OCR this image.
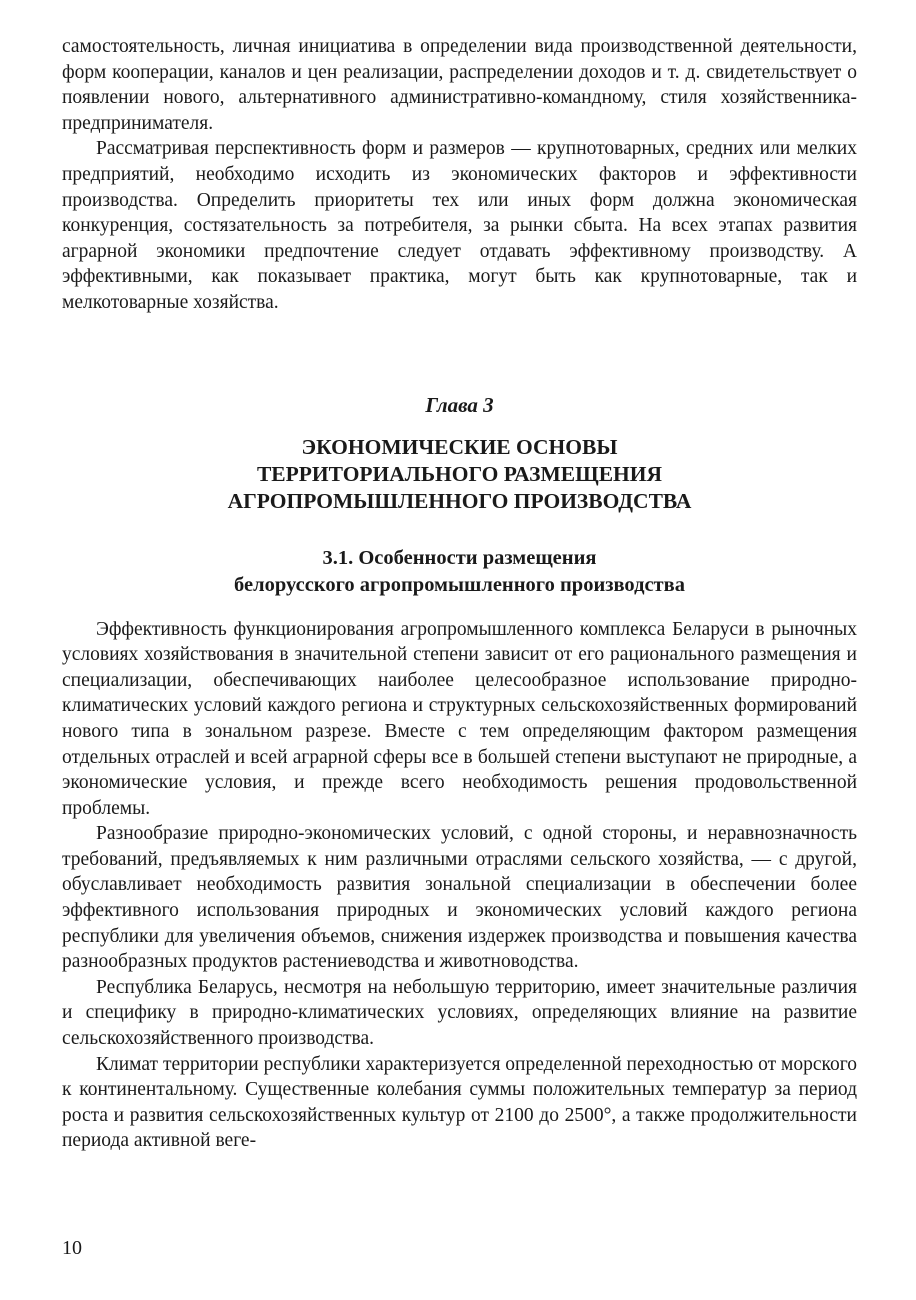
самостоятельность, личная инициатива в определении вида производственной деятельности, форм кооперации, каналов и цен реализации, распределении доходов и т. д. свидетельствует о появлении нового, альтернативного административно-командному, стиля хозяйственника-предпринимателя.

Рассматривая перспективность форм и размеров — крупнотоварных, средних или мелких предприятий, необходимо исходить из экономических факторов и эффективности производства. Определить приоритеты тех или иных форм должна экономическая конкуренция, состязательность за потребителя, за рынки сбыта. На всех этапах развития аграрной экономики предпочтение следует отдавать эффективному производству. А эффективными, как показывает практика, могут быть как крупнотоварные, так и мелкотоварные хозяйства.

Глава 3
ЭКОНОМИЧЕСКИЕ ОСНОВЫ
ТЕРРИТОРИАЛЬНОГО РАЗМЕЩЕНИЯ
АГРОПРОМЫШЛЕННОГО ПРОИЗВОДСТВА
3.1. Особенности размещения
белорусского агропромышленного производства

Эффективность функционирования агропромышленного комплекса Беларуси в рыночных условиях хозяйствования в значительной степени зависит от его рационального размещения и специализации, обеспечивающих наиболее целесообразное использование природно-климатических условий каждого региона и структурных сельскохозяйственных формирований нового типа в зональном разрезе. Вместе с тем определяющим фактором размещения отдельных отраслей и всей аграрной сферы все в большей степени выступают не природные, а экономические условия, и прежде всего необходимость решения продовольственной проблемы.

Разнообразие природно-экономических условий, с одной стороны, и неравнозначность требований, предъявляемых к ним различными отраслями сельского хозяйства, — с другой, обуславливает необходимость развития зональной специализации в обеспечении более эффективного использования природных и экономических условий каждого региона республики для увеличения объемов, снижения издержек производства и повышения качества разнообразных продуктов растениеводства и животноводства.

Республика Беларусь, несмотря на небольшую территорию, имеет значительные различия и специфику в природно-климатических условиях, определяющих влияние на развитие сельскохозяйственного производства.

Климат территории республики характеризуется определенной переходностью от морского к континентальному. Существенные колебания суммы положительных температур за период роста и развития сельскохозяйственных культур от 2100 до 2500°, а также продолжительности периода активной веге-

10
